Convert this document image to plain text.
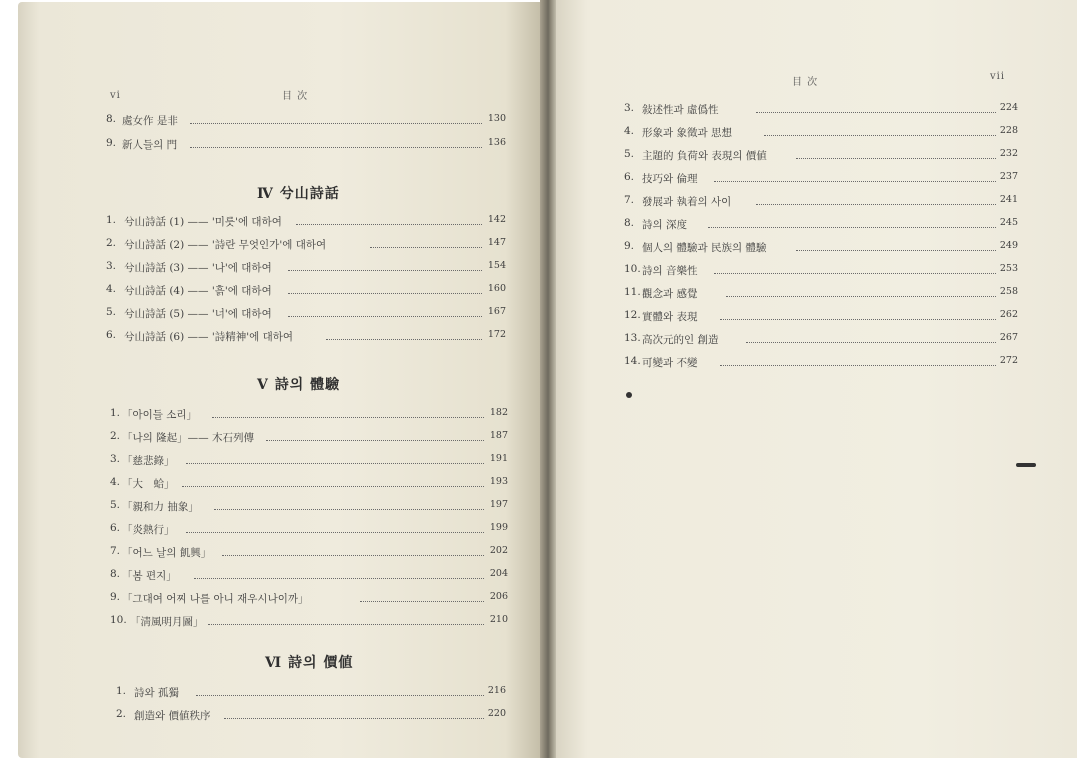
vi	目 次
8. 處女作 是非	130
9. 新人들의 門	136
Ⅳ 兮山詩話
1. 兮山詩話 (1) —— '미릇'에 대하여	142
2. 兮山詩話 (2) —— '詩란 무엇인가'에 대하여	147
3. 兮山詩話 (3) —— '나'에 대하여	154
4. 兮山詩話 (4) —— '흙'에 대하여	160
5. 兮山詩話 (5) —— '너'에 대하여	167
6. 兮山詩話 (6) —— '詩精神'에 대하여	172
Ⅴ 詩의 體驗
1. 「아이들 소리」	182
2. 「나의 隆起」—— 木石列傳	187
3. 「慈悲錄」	191
4. 「大　蛤」	193
5. 「親和力 抽象」	197
6. 「炎熱行」	199
7. 「어느 날의 飢興」	202
8. 「봄 편지」	204
9. 「그대여 어찌 나를 아니 재우시나이까」	206
10. 「淸風明月圖」	210
Ⅵ 詩의 價値
1. 詩와 孤獨	216
2. 創造와 價値秩序	220
目 次
vii
3. 敍述性과 虛僞性	224
4. 形象과 象徵과 思想	228
5. 主題的 負荷와 表現의 價値	232
6. 技巧와 倫理	237
7. 發展과 執着의 사이	241
8. 詩의 深度	245
9. 個人의 體驗과 民族의 體驗	249
10. 詩의 音樂性	253
11. 觀念과 感覺	258
12. 實體와 表現	262
13. 高次元的인 創造	267
14. 可變과 不變	272
